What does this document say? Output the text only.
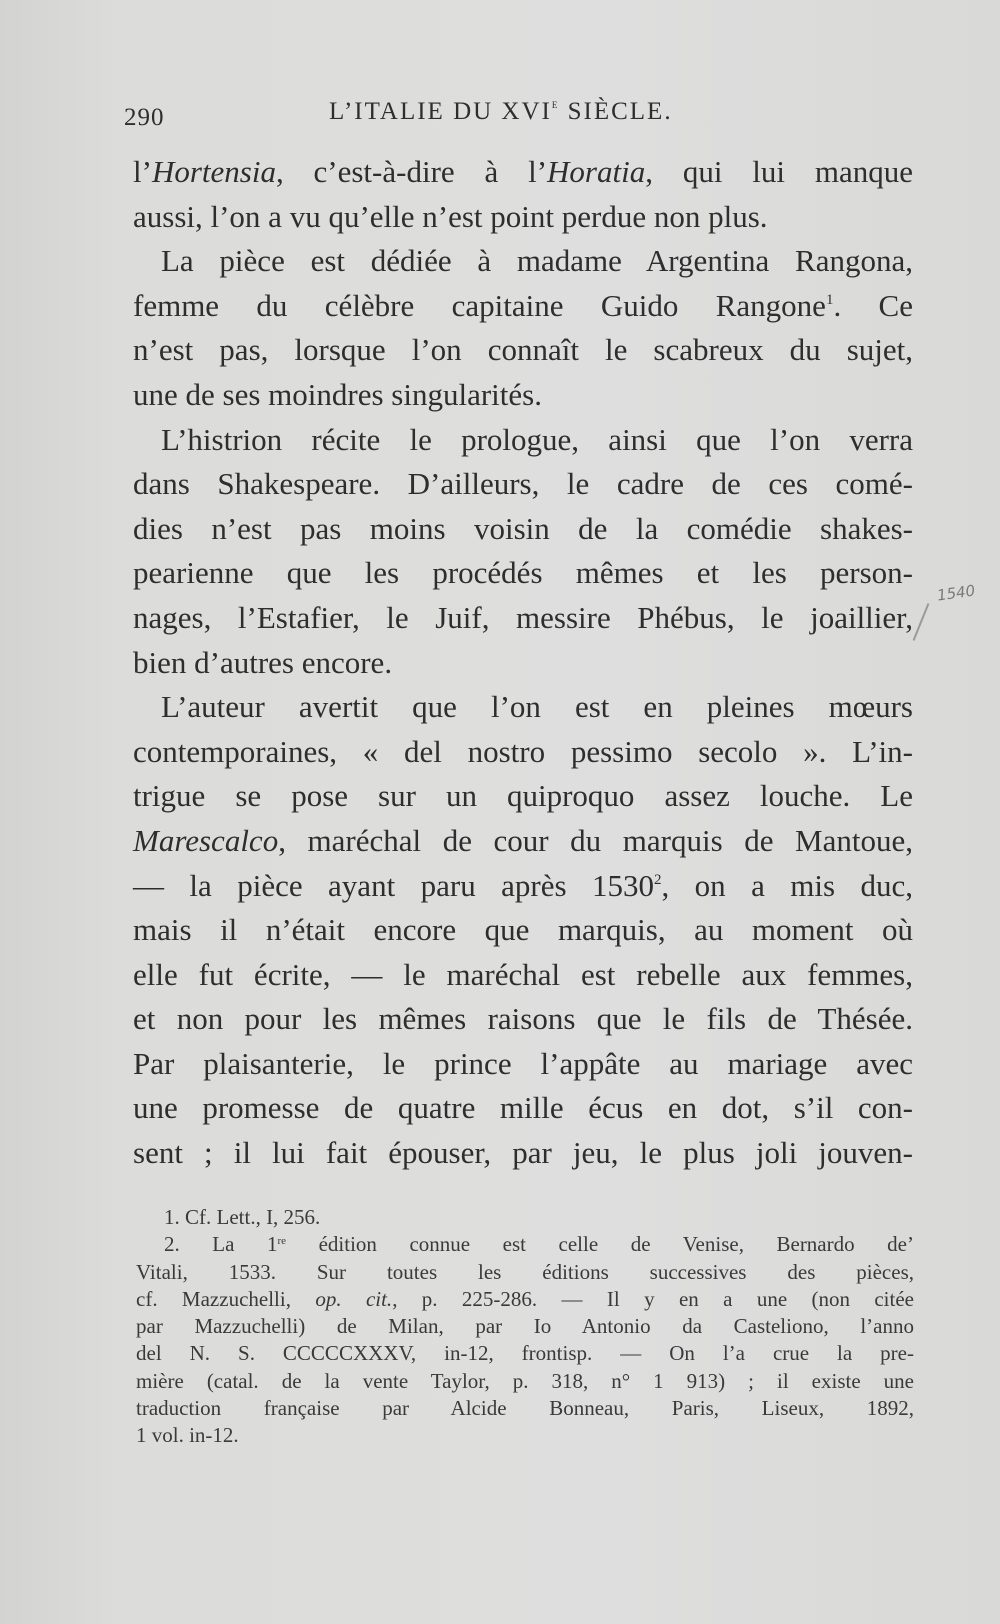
290	L’ITALIE DU XVIe SIÈCLE.
l’Hortensia, c’est-à-dire à l’Horatia, qui lui manque
aussi, l’on a vu qu’elle n’est point perdue non plus.
La pièce est dédiée à madame Argentina Rangona,
femme du célèbre capitaine Guido Rangone$^1$. Ce
n’est pas, lorsque l’on connaît le scabreux du sujet,
une de ses moindres singularités.
L’histrion récite le prologue, ainsi que l’on verra
dans Shakespeare. D’ailleurs, le cadre de ces comé-
dies n’est pas moins voisin de la comédie shakes-
pearienne que les procédés mêmes et les person-
nages, l’Estafier, le Juif, messire Phébus, le joaillier,
bien d’autres encore.
L’auteur avertit que l’on est en pleines mœurs
contemporaines, « del nostro pessimo secolo ». L’in-
trigue se pose sur un quiproquo assez louche. Le
Marescalco, maréchal de cour du marquis de Mantoue,
— la pièce ayant paru après 1530$^2$, on a mis duc,
mais il n’était encore que marquis, au moment où
elle fut écrite, — le maréchal est rebelle aux femmes,
et non pour les mêmes raisons que le fils de Thésée.
Par plaisanterie, le prince l’appâte au mariage avec
une promesse de quatre mille écus en dot, s’il con-
sent ; il lui fait épouser, par jeu, le plus joli jouven-
1. Cf. Lett., I, 256.
2. La 1re édition connue est celle de Venise, Bernardo de’
Vitali, 1533. Sur toutes les éditions successives des pièces,
cf. Mazzuchelli, op. cit., p. 225-286. — Il y en a une (non citée
par Mazzuchelli) de Milan, par Io Antonio da Casteliono, l’anno
del N. S. CCCCCXXXV, in-12, frontisp. — On l’a crue la pre-
mière (catal. de la vente Taylor, p. 318, n° 1 913) ; il existe une
traduction française par Alcide Bonneau, Paris, Liseux, 1892,
1 vol. in-12.
1540
